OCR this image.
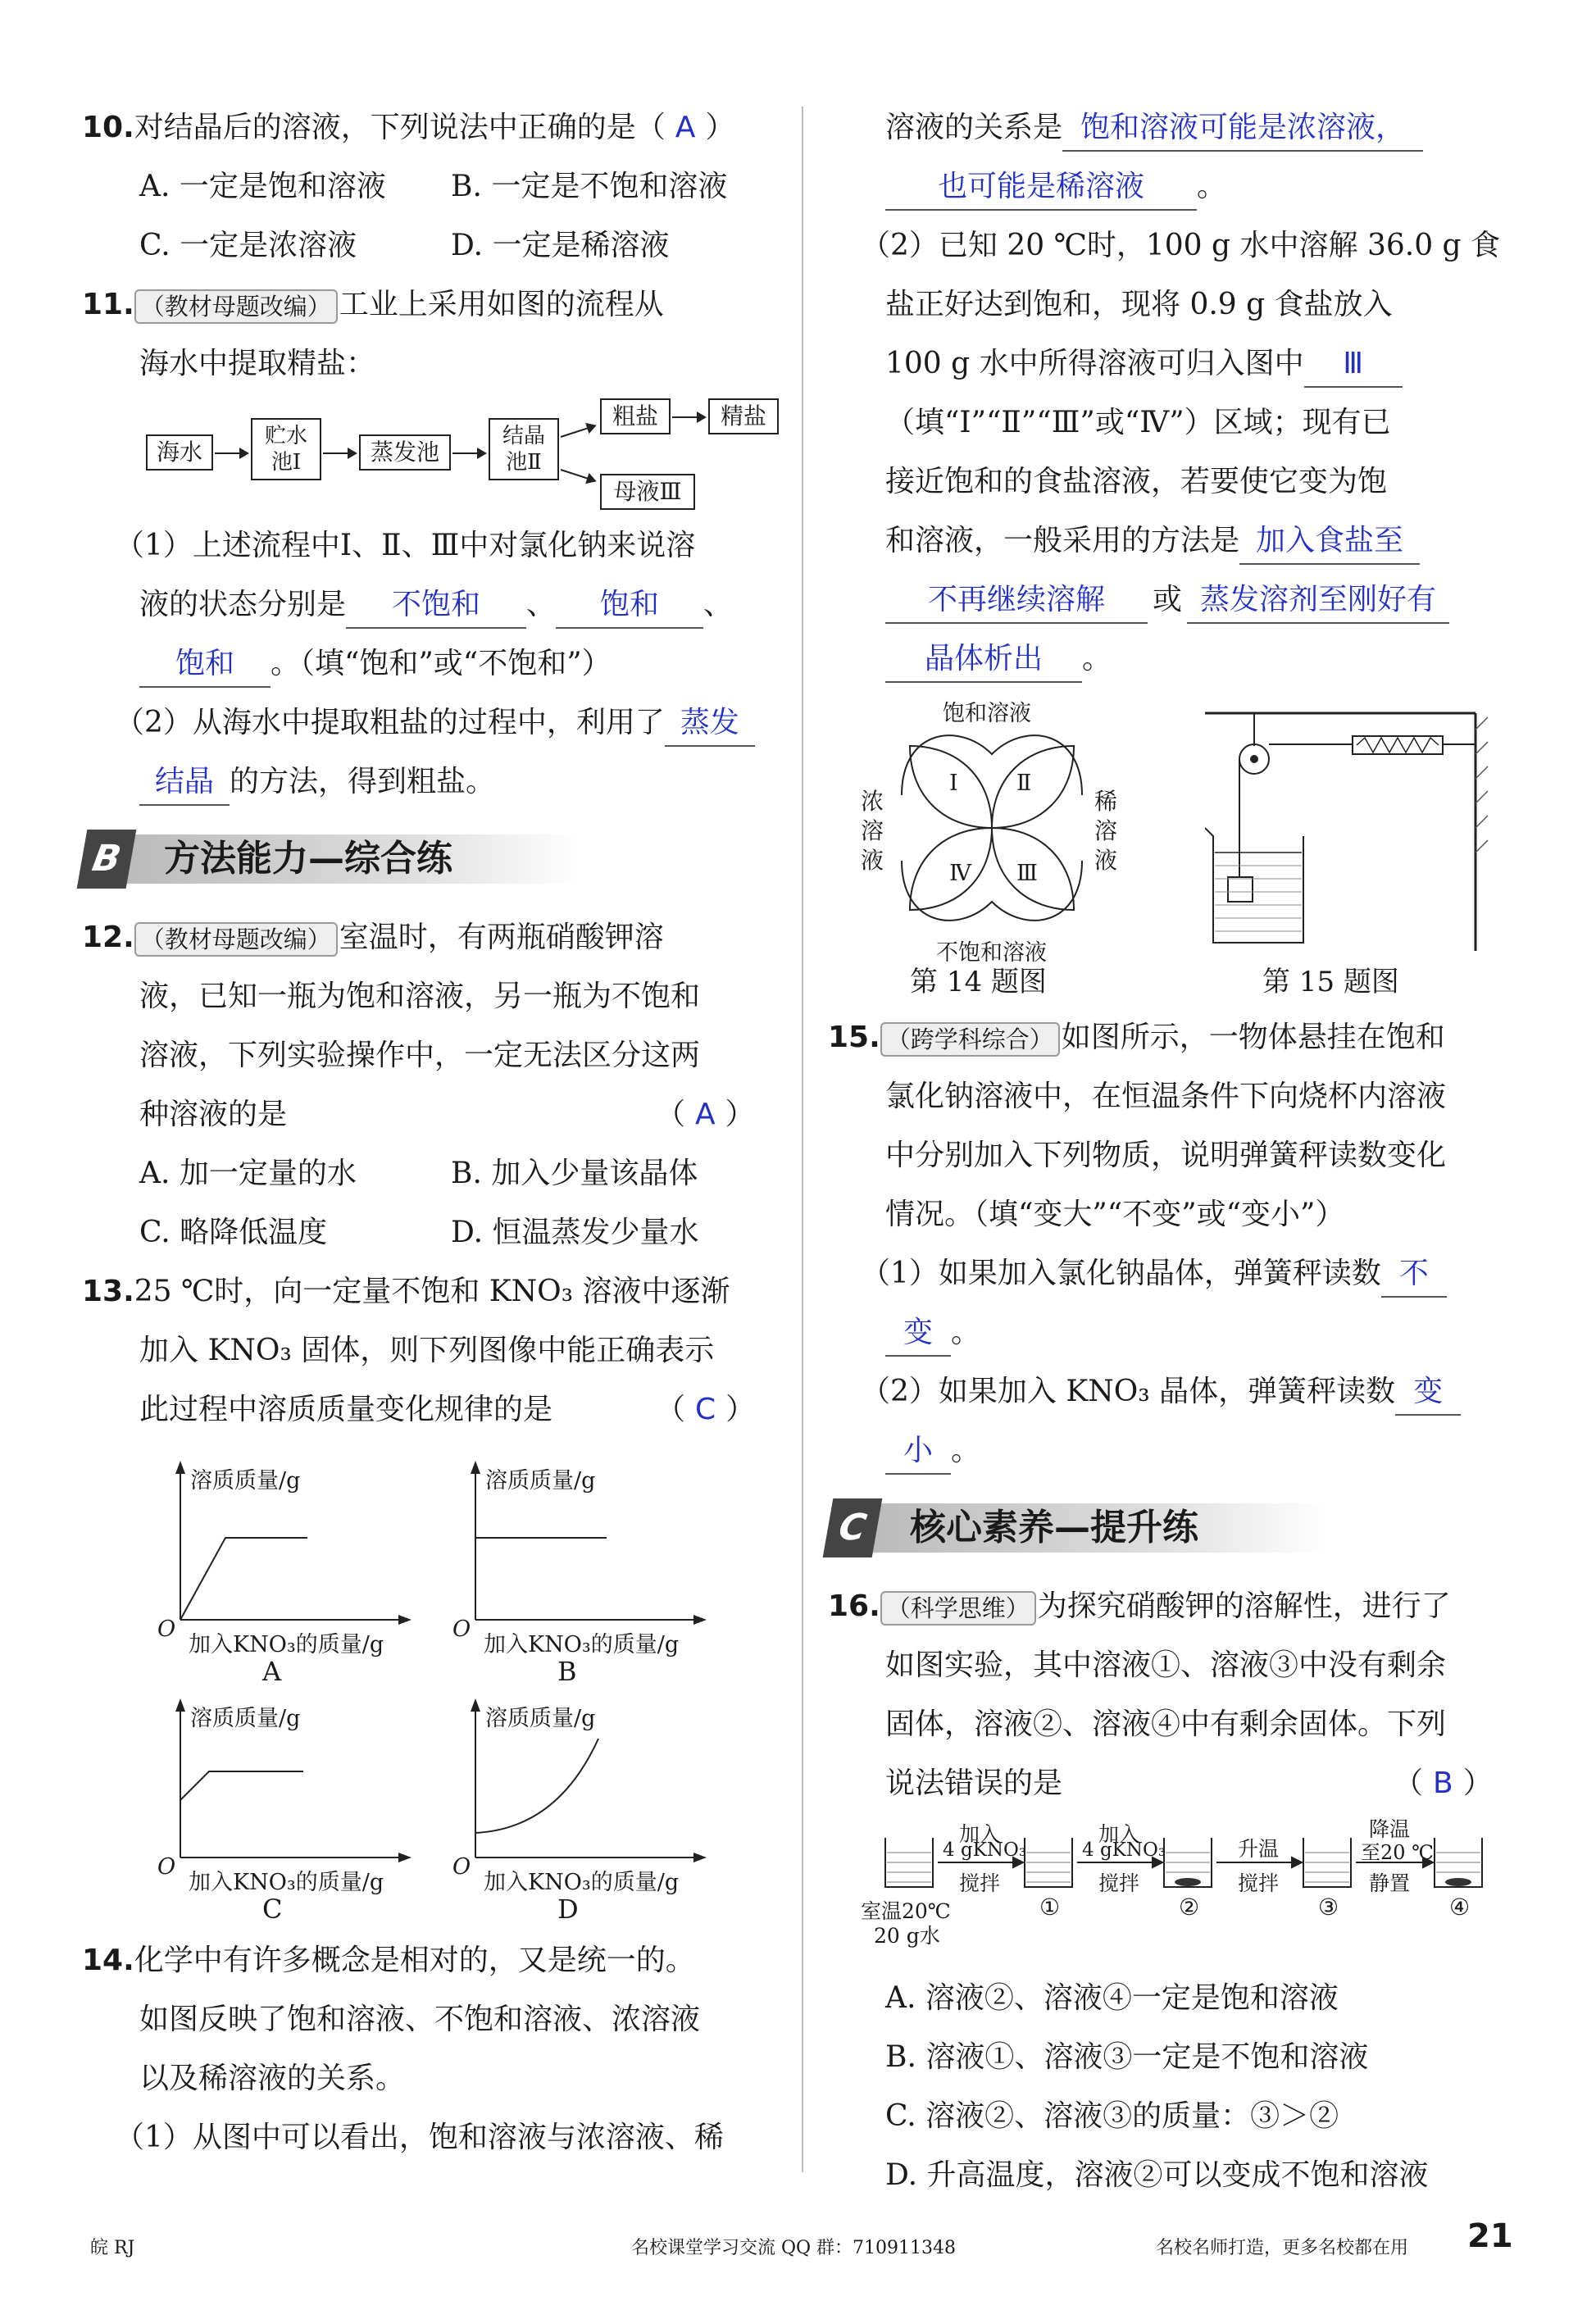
10.对结晶后的溶液，下列说法中正确的是（ A ）
A. 一定是饱和溶液 B. 一定是不饱和溶液
C. 一定是浓溶液	D. 一定是稀溶液
11. （教材母题改编） 工业上采用如图的流程从
海水中提取精盐：
海水
贮水池Ⅰ	蒸发池
结晶池Ⅱ
粗盐	精盐
母液Ⅲ
（1）上述流程中Ⅰ、Ⅱ、Ⅲ中对氯化钠来说溶
液的状态分别是 不饱和 、 饱和 、
饱和 。（填“饱和”或“不饱和”）
（2）从海水中提取粗盐的过程中，利用了 蒸发
结晶 的方法，得到粗盐。
B	方法能力—综合练
12. （教材母题改编） 室温时，有两瓶硝酸钾溶
液，已知一瓶为饱和溶液，另一瓶为不饱和
溶液，下列实验操作中，一定无法区分这两
种溶液的是	（ A ）
A. 加一定量的水	B. 加入少量该晶体
C. 略降低温度	D. 恒温蒸发少量水
13.25 ℃时，向一定量不饱和 KNO₃ 溶液中逐渐
加入 KNO₃ 固体，则下列图像中能正确表示
此过程中溶质质量变化规律的是	（ C ）
溶质质量/g
O
加入KNO₃的质量/g
A
溶质质量/g
O
加入KNO₃的质量/g
B
溶质质量/g
O
加入KNO₃的质量/g
C
溶质质量/g
O
加入KNO₃的质量/g
D
14.化学中有许多概念是相对的，又是统一的。
如图反映了饱和溶液、不饱和溶液、浓溶液
以及稀溶液的关系。
（1）从图中可以看出，饱和溶液与浓溶液、稀
溶液的关系是 饱和溶液可能是浓溶液，
也可能是稀溶液 。
（2）已知 20 ℃时，100 g 水中溶解 36.0 g 食
盐正好达到饱和，现将 0.9 g 食盐放入
100 g 水中所得溶液可归入图中 Ⅲ
（填“Ⅰ”“Ⅱ”“Ⅲ”或“Ⅳ”）区域；现有已
接近饱和的食盐溶液，若要使它变为饱
和溶液，一般采用的方法是 加入食盐至
不再继续溶解 或 蒸发溶剂至刚好有
晶体析出 。
饱和溶液
不饱和溶液
浓溶液
稀溶液
Ⅰ	Ⅱ
Ⅲ
Ⅳ
第 14 题图	第 15 题图
15. （跨学科综合） 如图所示，一物体悬挂在饱和
氯化钠溶液中，在恒温条件下向烧杯内溶液
中分别加入下列物质，说明弹簧秤读数变化
情况。（填“变大”“不变”或“变小”）
（1）如果加入氯化钠晶体，弹簧秤读数 不
变 。
（2）如果加入 KNO₃ 晶体，弹簧秤读数 变
小 。
C	核心素养—提升练
16. （科学思维） 为探究硝酸钾的溶解性，进行了
如图实验，其中溶液①、溶液③中没有剩余
固体，溶液②、溶液④中有剩余固体。下列
说法错误的是	（ B ）
加入
4 gKNO₃
搅拌
加入
4 gKNO₃
搅拌
升温
搅拌
降温
至20 ℃
静置
室温20℃
20 g水
①	②	③	④
A. 溶液②、溶液④一定是饱和溶液
B. 溶液①、溶液③一定是不饱和溶液
C. 溶液②、溶液③的质量：③＞②
D. 升高温度，溶液②可以变成不饱和溶液
皖 RJ	名校课堂学习交流 QQ 群：710911348	名校名师打造，更多名校都在用 21
